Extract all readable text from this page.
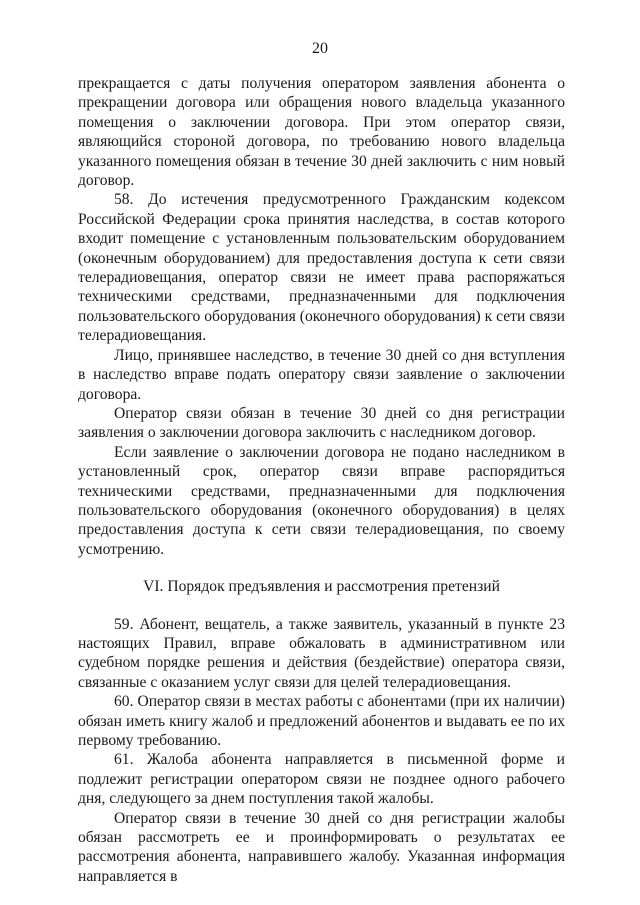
20

прекращается с даты получения оператором заявления абонента о прекращении договора или обращения нового владельца указанного помещения о заключении договора. При этом оператор связи, являющийся стороной договора, по требованию нового владельца указанного помещения обязан в течение 30 дней заключить с ним новый договор.

58. До истечения предусмотренного Гражданским кодексом Российской Федерации срока принятия наследства, в состав которого входит помещение с установленным пользовательским оборудованием (оконечным оборудованием) для предоставления доступа к сети связи телерадиовещания, оператор связи не имеет права распоряжаться техническими средствами, предназначенными для подключения пользовательского оборудования (оконечного оборудования) к сети связи телерадиовещания.

Лицо, принявшее наследство, в течение 30 дней со дня вступления в наследство вправе подать оператору связи заявление о заключении договора.

Оператор связи обязан в течение 30 дней со дня регистрации заявления о заключении договора заключить с наследником договор.

Если заявление о заключении договора не подано наследником в установленный срок, оператор связи вправе распорядиться техническими средствами, предназначенными для подключения пользовательского оборудования (оконечного оборудования) в целях предоставления доступа к сети связи телерадиовещания, по своему усмотрению.

VI. Порядок предъявления и рассмотрения претензий

59. Абонент, вещатель, а также заявитель, указанный в пункте 23 настоящих Правил, вправе обжаловать в административном или судебном порядке решения и действия (бездействие) оператора связи, связанные с оказанием услуг связи для целей телерадиовещания.

60. Оператор связи в местах работы с абонентами (при их наличии) обязан иметь книгу жалоб и предложений абонентов и выдавать ее по их первому требованию.

61. Жалоба абонента направляется в письменной форме и подлежит регистрации оператором связи не позднее одного рабочего дня, следующего за днем поступления такой жалобы.

Оператор связи в течение 30 дней со дня регистрации жалобы обязан рассмотреть ее и проинформировать о результатах ее рассмотрения абонента, направившего жалобу. Указанная информация направляется в
